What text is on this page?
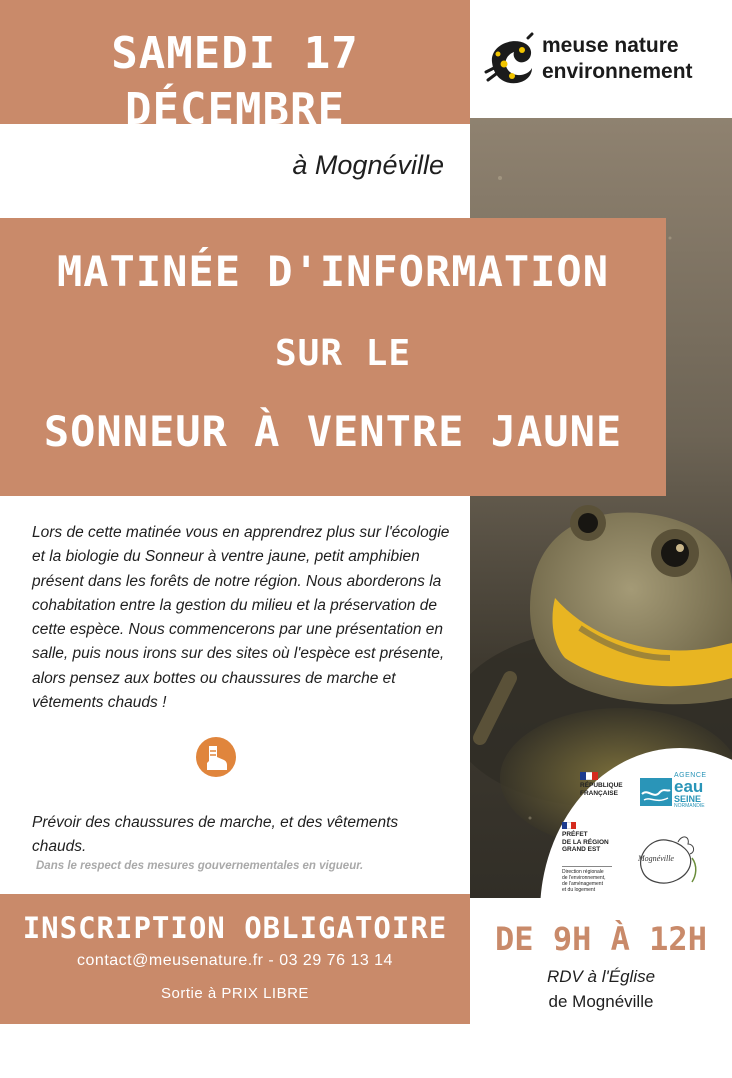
SAMEDI 17 DÉCEMBRE
meuse nature
environnement
à Mognéville
MATINÉE D'INFORMATION
SUR LE
SONNEUR À VENTRE JAUNE
Lors de cette matinée vous en apprendrez plus sur l'écologie et la biologie du Sonneur à ventre jaune, petit amphibien présent dans les forêts de notre région. Nous aborderons la cohabitation entre la gestion du milieu et la préservation de cette espèce. Nous commencerons par une présentation en salle, puis nous irons sur des sites où l'espèce est présente, alors pensez aux bottes ou chaussures de marche et vêtements chauds !
Prévoir des chaussures de marche, et des vêtements chauds.
Dans le respect des mesures gouvernementales en vigueur.
RÉPUBLIQUE
FRANÇAISE
AGENCE
eau
SEINE
NORMANDIE
PRÉFET
DE LA RÉGION
GRAND EST
Direction régionale
de l'environnement,
de l'aménagement
et du logement
Mognéville
INSCRIPTION OBLIGATOIRE
contact@meusenature.fr - 03 29 76 13 14
Sortie à PRIX LIBRE
DE 9H À 12H
RDV à l'Église
de Mognéville
